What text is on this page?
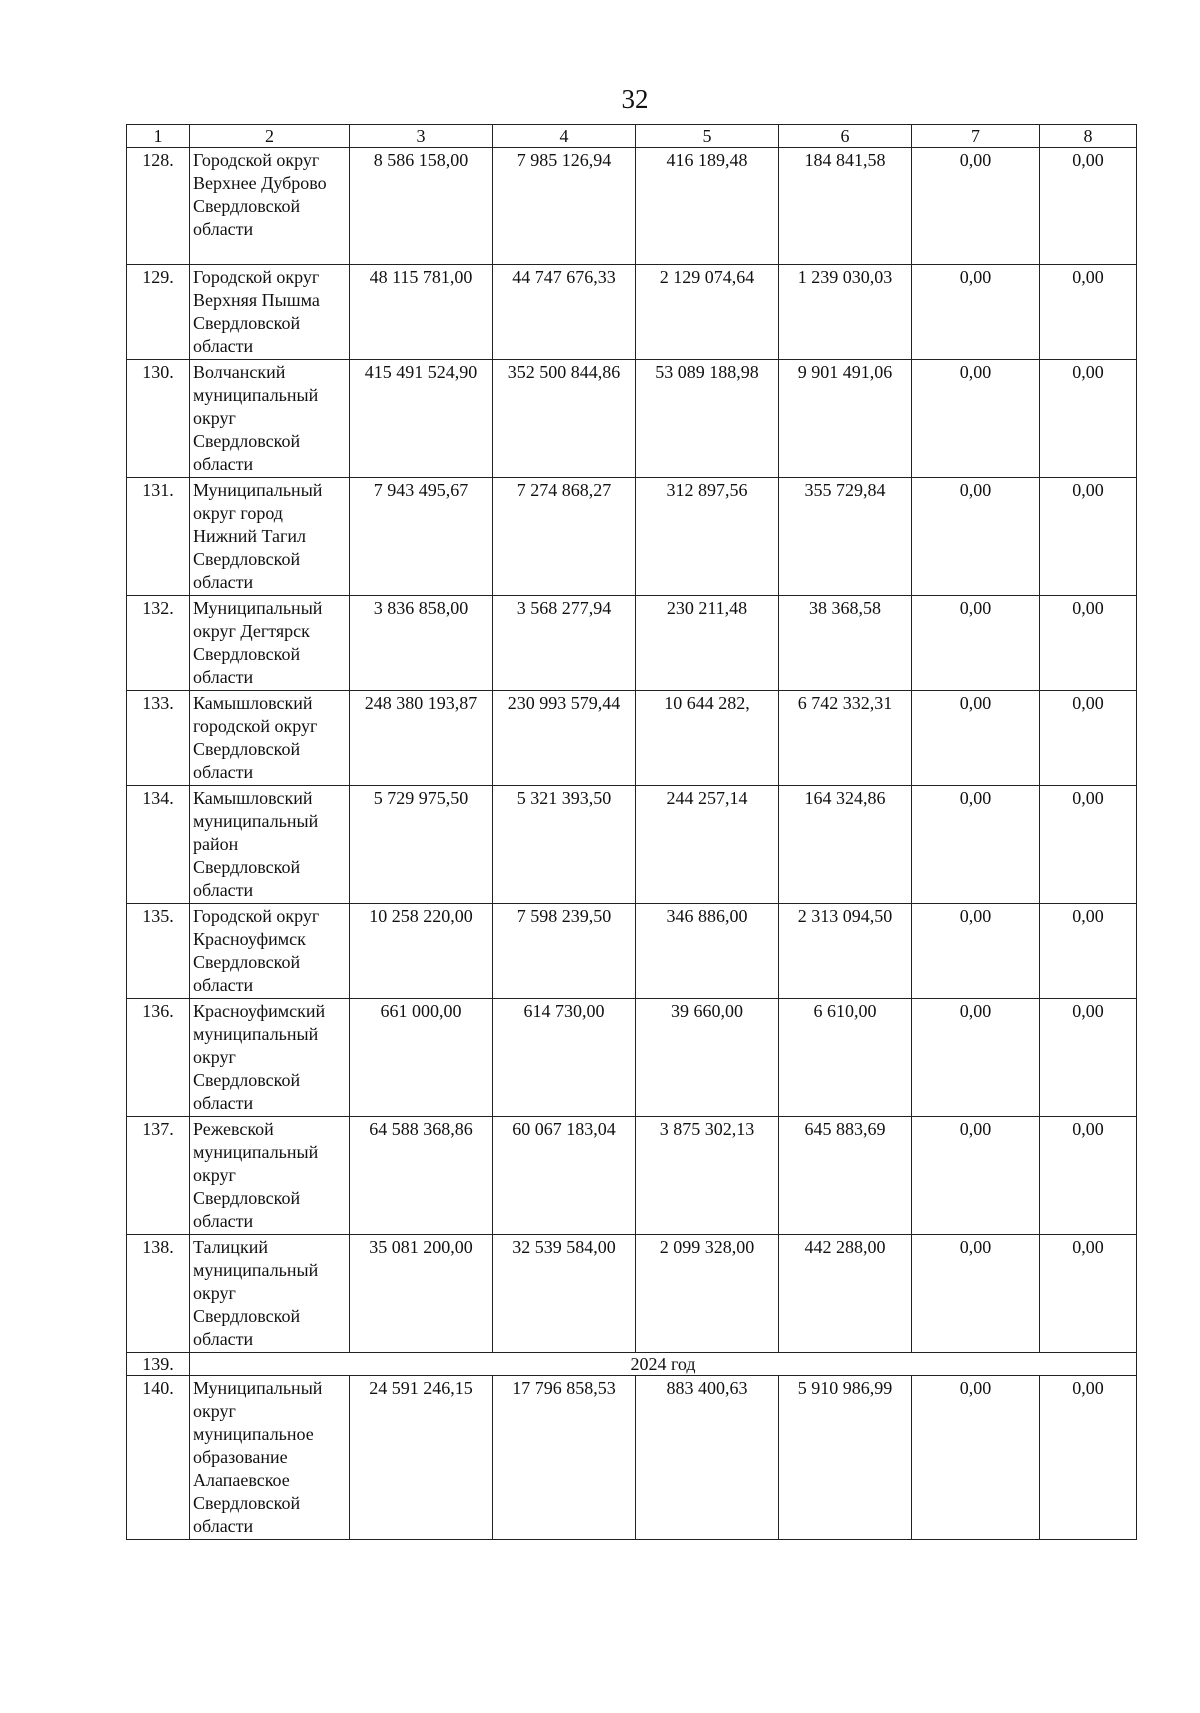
32
1	2	3	4	5	6	7	8
128.	Городской округ Верхнее Дуброво Свердловской области	8 586 158,00	7 985 126,94	416 189,48	184 841,58	0,00	0,00
129.	Городской округ Верхняя Пышма Свердловской области	48 115 781,00	44 747 676,33	2 129 074,64	1 239 030,03	0,00	0,00
130.	Волчанский муниципальный округ Свердловской области	415 491 524,90	352 500 844,86	53 089 188,98	9 901 491,06	0,00	0,00
131.	Муниципальный округ город Нижний Тагил Свердловской области	7 943 495,67	7 274 868,27	312 897,56	355 729,84	0,00	0,00
132.	Муниципальный округ Дегтярск Свердловской области	3 836 858,00	3 568 277,94	230 211,48	38 368,58	0,00	0,00
133.	Камышловский городской округ Свердловской области	248 380 193,87	230 993 579,44	10 644 282,	6 742 332,31	0,00	0,00
134.	Камышловский муниципальный район Свердловской области	5 729 975,50	5 321 393,50	244 257,14	164 324,86	0,00	0,00
135.	Городской округ Красноуфимск Свердловской области	10 258 220,00	7 598 239,50	346 886,00	2 313 094,50	0,00	0,00
136.	Красноуфимский муниципальный округ Свердловской области	661 000,00	614 730,00	39 660,00	6 610,00	0,00	0,00
137.	Режевской муниципальный округ Свердловской области	64 588 368,86	60 067 183,04	3 875 302,13	645 883,69	0,00	0,00
138.	Талицкий муниципальный округ Свердловской области	35 081 200,00	32 539 584,00	2 099 328,00	442 288,00	0,00	0,00
139.	2024 год						
140.	Муниципальный округ муниципальное образование Алапаевское Свердловской области	24 591 246,15	17 796 858,53	883 400,63	5 910 986,99	0,00	0,00
